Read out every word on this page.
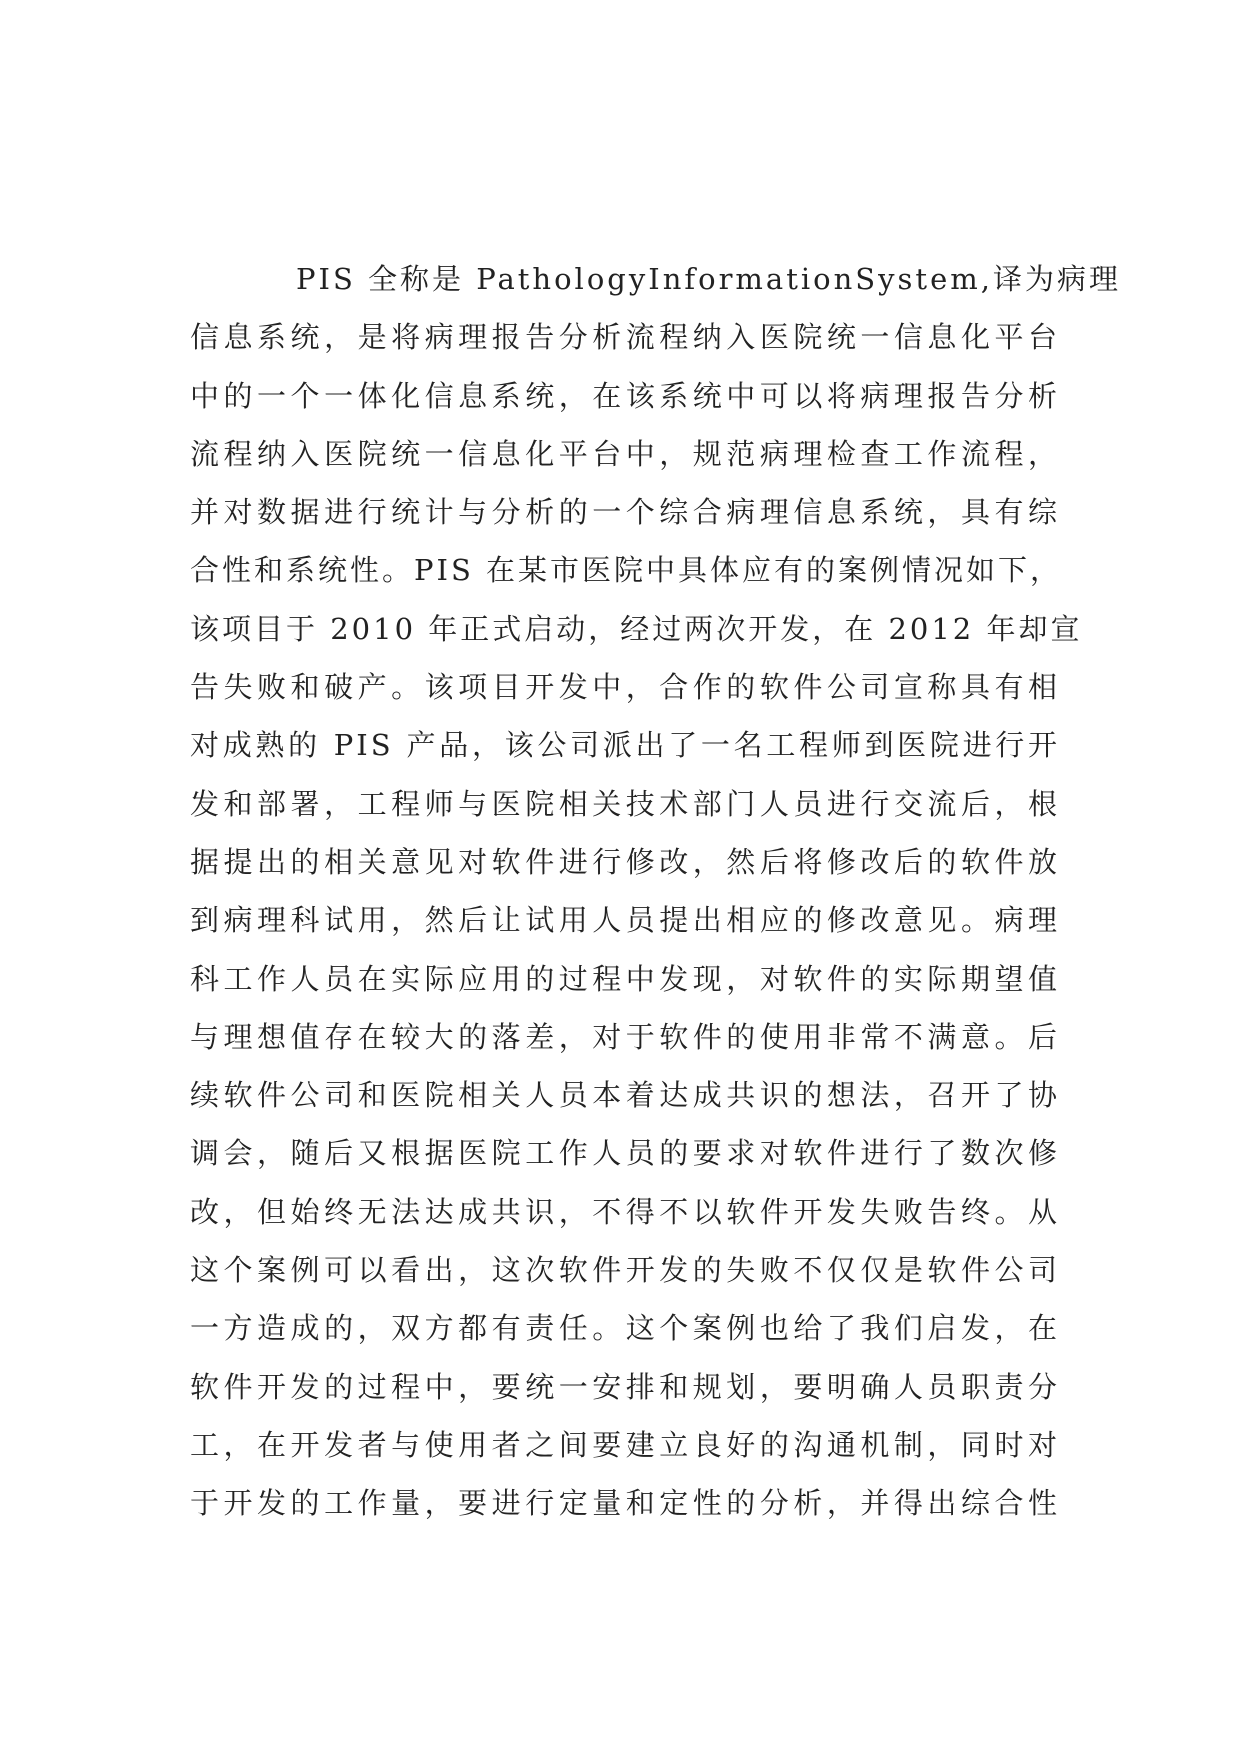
PIS 全称是 PathologyInformationSystem,译为病理
信息系统，是将病理报告分析流程纳入医院统一信息化平台
中的一个一体化信息系统，在该系统中可以将病理报告分析
流程纳入医院统一信息化平台中，规范病理检查工作流程，
并对数据进行统计与分析的一个综合病理信息系统，具有综
合性和系统性。PIS 在某市医院中具体应有的案例情况如下，
该项目于 2010 年正式启动，经过两次开发，在 2012 年却宣
告失败和破产。该项目开发中，合作的软件公司宣称具有相
对成熟的 PIS 产品，该公司派出了一名工程师到医院进行开
发和部署，工程师与医院相关技术部门人员进行交流后，根
据提出的相关意见对软件进行修改，然后将修改后的软件放
到病理科试用，然后让试用人员提出相应的修改意见。病理
科工作人员在实际应用的过程中发现，对软件的实际期望值
与理想值存在较大的落差，对于软件的使用非常不满意。后
续软件公司和医院相关人员本着达成共识的想法，召开了协
调会，随后又根据医院工作人员的要求对软件进行了数次修
改，但始终无法达成共识，不得不以软件开发失败告终。从
这个案例可以看出，这次软件开发的失败不仅仅是软件公司
一方造成的，双方都有责任。这个案例也给了我们启发，在
软件开发的过程中，要统一安排和规划，要明确人员职责分
工，在开发者与使用者之间要建立良好的沟通机制，同时对
于开发的工作量，要进行定量和定性的分析，并得出综合性
